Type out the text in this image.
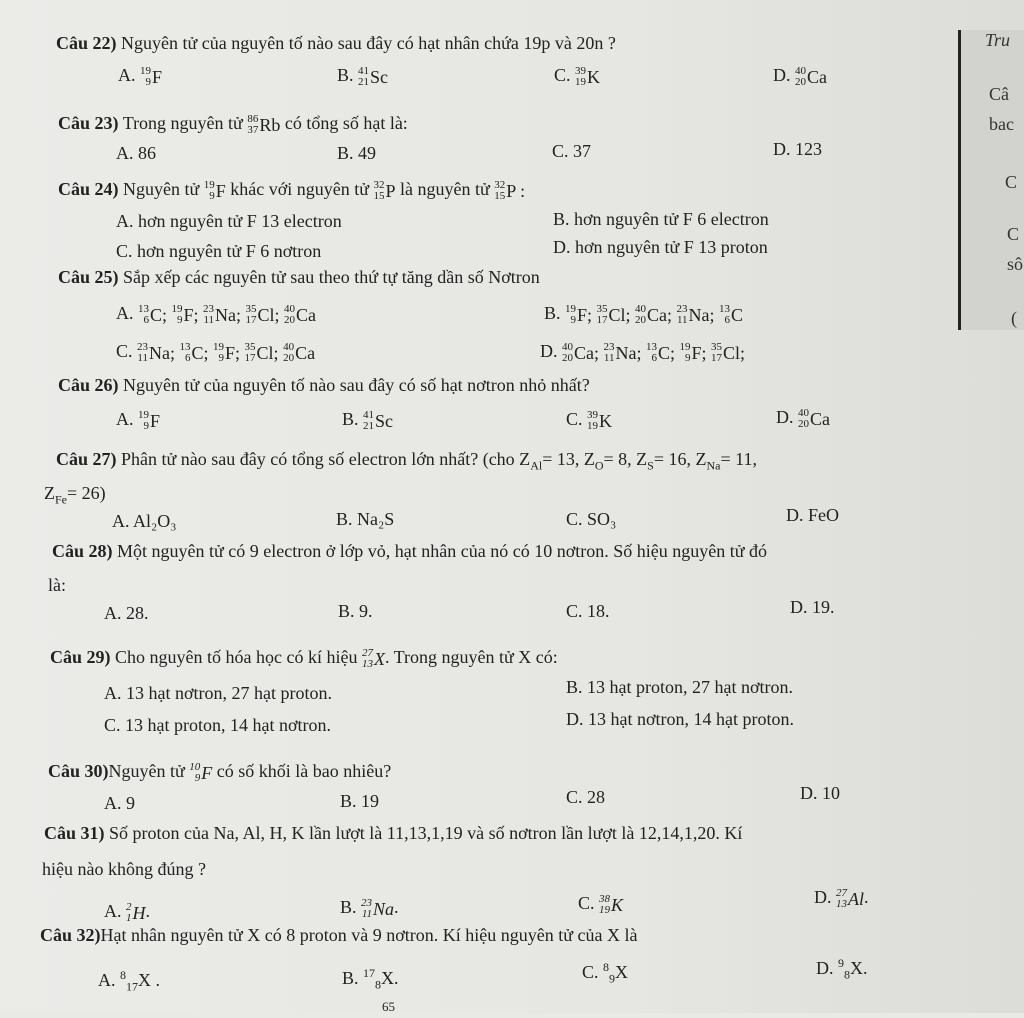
Tru
Câ
bac
C
C
sô
(
Câu 22) Nguyên tử của nguyên tố nào sau đây có hạt nhân chứa 19p và 20n ?
A. 19
9 F	B. 41
21 Sc	C. 39
19 K	D. 40
20 Ca
Câu 23) Trong nguyên tử 86
37 Rb có tổng số hạt là:
A. 86	B. 49	C. 37	D. 123
Câu 24) Nguyên tử 19
9 F khác với nguyên tử 32
15 P là nguyên tử 32
15 P :
A. hơn nguyên tử F 13 electron	B. hơn nguyên tử F 6 electron
C. hơn nguyên tử F 6 nơtron	D. hơn nguyên tử F 13 proton
Câu 25) Sắp xếp các nguyên tử sau theo thứ tự tăng dần số Nơtron
A. 13
6 C;
19
9 F;
23
11 Na;
35
17 Cl;
40
20 Ca	B. 19
9 F;
35
17 Cl;
40
20 Ca;
23
11 Na;
13
6 C
C. 23
11 Na;
13
6 C;
19
9 F;
35
17 Cl;
40
20 Ca	D. 40
20 Ca;
23
11 Na;
13
6 C;
19
9 F;
35
17 Cl;
Câu 26) Nguyên tử của nguyên tố nào sau đây có số hạt nơtron nhỏ nhất?
A. 19
9 F	B. 41
21 Sc	C. 39
19 K	D. 40
20 Ca
Câu 27) Phân tử nào sau đây có tổng số electron lớn nhất? (cho $Z_{Al}= 13$, $Z_O= 8$, $Z_S= 16$, $Z_{Na}= 11$,
$Z_{Fe}= 26$)
A. Al₂O₃	B. Na₂S	C. SO₃	D. FeO
Câu 28) Một nguyên tử có 9 electron ở lớp vỏ, hạt nhân của nó có 10 nơtron. Số hiệu nguyên tử đó
là:
A. 28.	B. 9.	C. 18.	D. 19.
Câu 29) Cho nguyên tố hóa học có kí hiệu 27
13 X . Trong nguyên tử X có:
A. 13 hạt nơtron, 27 hạt proton.	B. 13 hạt proton, 27 hạt nơtron.
C. 13 hạt proton, 14 hạt nơtron.	D. 13 hạt nơtron, 14 hạt proton.
Câu 30)Nguyên tử 10
9 F có số khối là bao nhiêu?
A. 9	B. 19	C. 28	D. 10
Câu 31) Số proton của Na, Al, H, K lần lượt là 11,13,1,19 và số nơtron lần lượt là 12,14,1,20. Kí
hiệu nào không đúng ?
A. 2
1 H .	B. 23
11 Na .	C. 38
19 K	D. 27
13 Al .
Câu 32)Hạt nhân nguyên tử X có 8 proton và 9 nơtron. Kí hiệu nguyên tử của X là
A. $^8_{17}$X .	B. $^{17}_8$X.	C. $^8_9$X	D. $^9_8$X.
65
